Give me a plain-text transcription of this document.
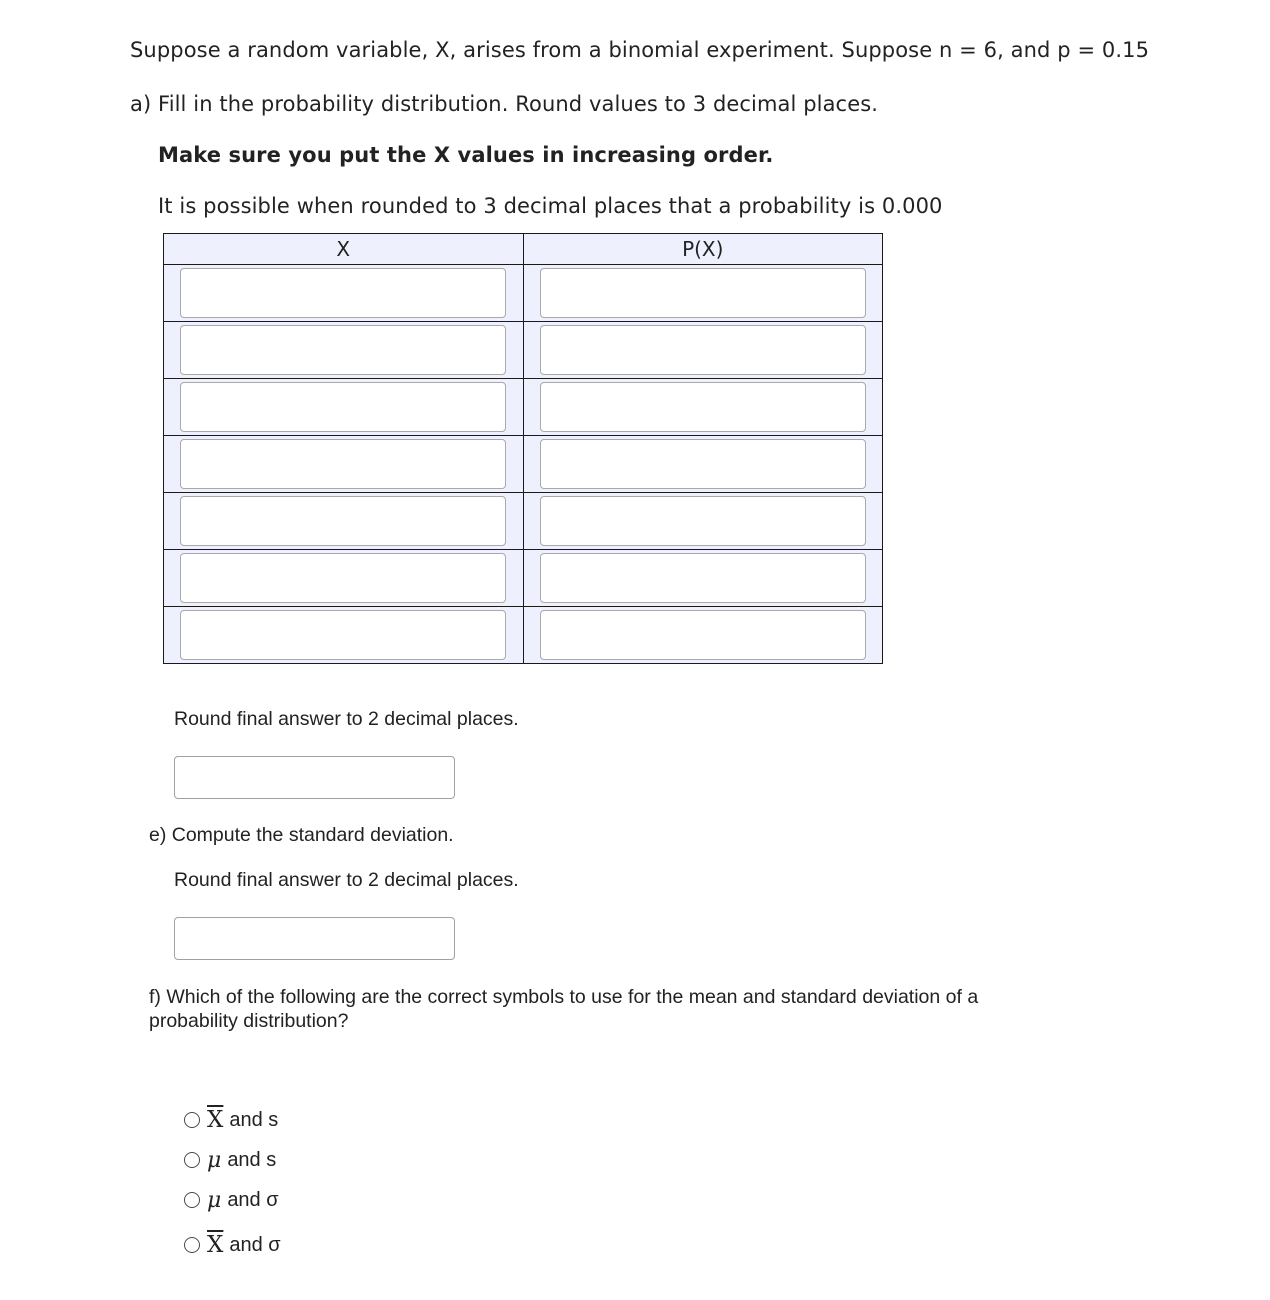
Suppose a random variable, X, arises from a binomial experiment. Suppose n = 6, and p = 0.15
a) Fill in the probability distribution. Round values to 3 decimal places.
Make sure you put the X values in increasing order.
It is possible when rounded to 3 decimal places that a probability is 0.000
X	P(X)

Round final answer to 2 decimal places.
e) Compute the standard deviation.
Round final answer to 2 decimal places.
f) Which of the following are the correct symbols to use for the mean and standard deviation of a probability distribution?
$\overline{X}$ and s
μ and s
μ and σ
$\overline{X}$ and σ
